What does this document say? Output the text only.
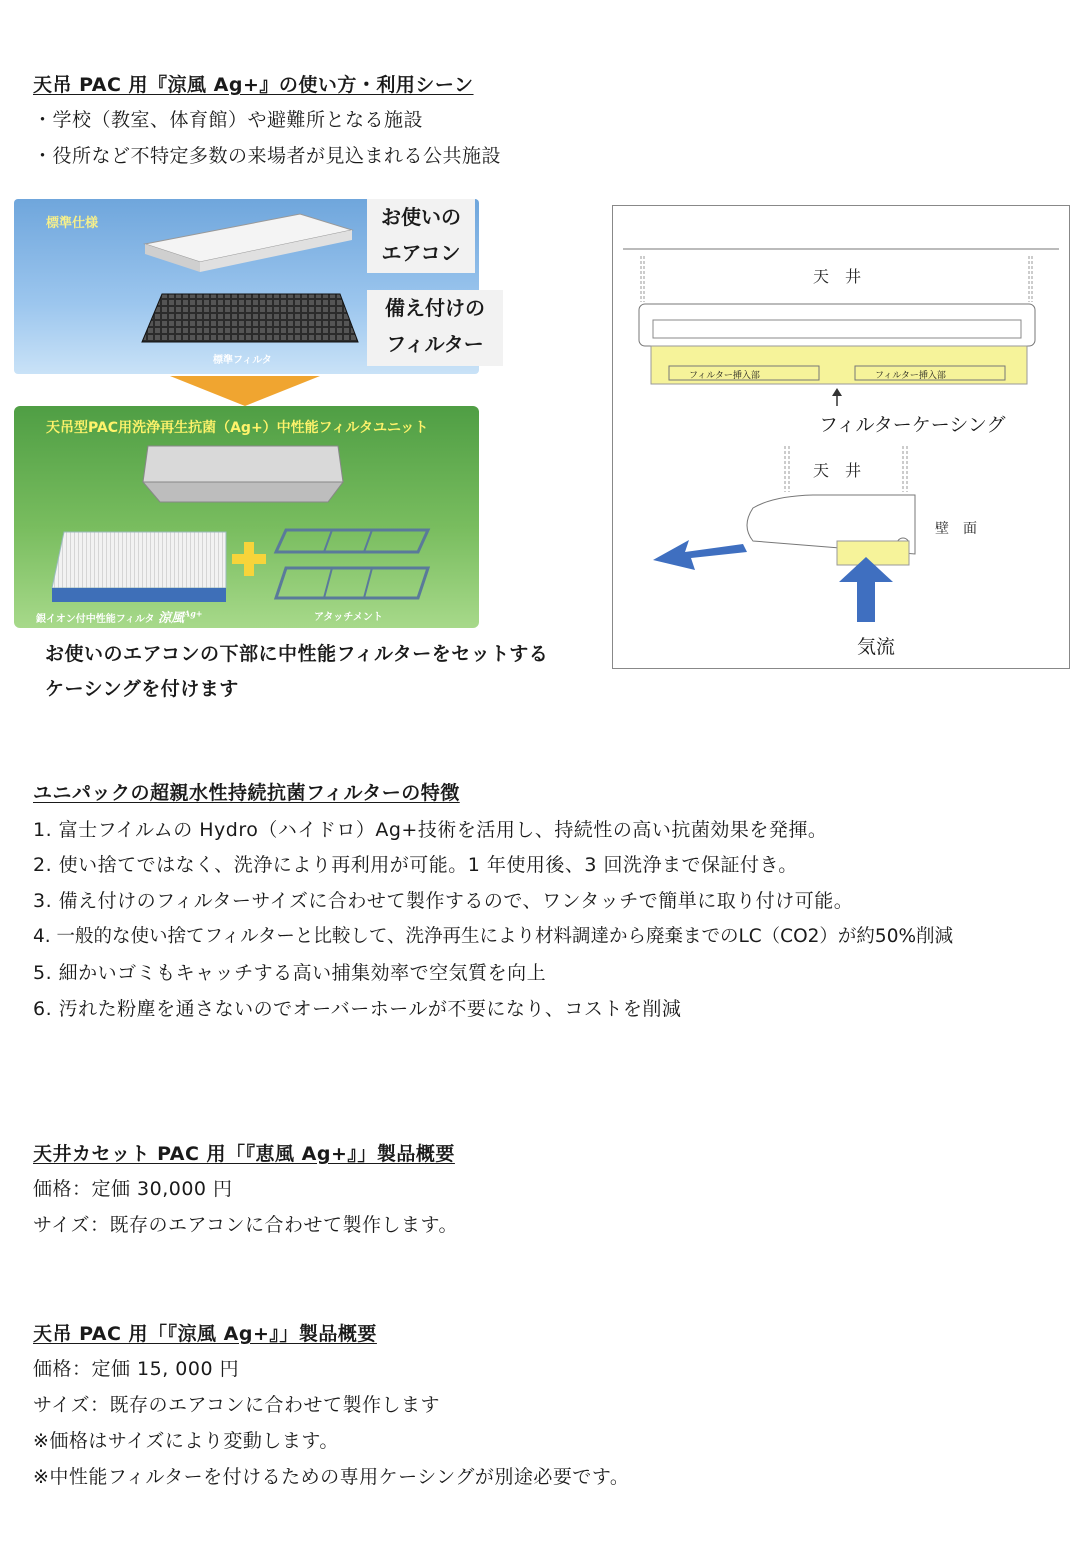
天吊 PAC 用『涼風 Ag+』の使い方・利用シーン
・学校（教室、体育館）や避難所となる施設
・役所など不特定多数の来場者が見込まれる公共施設
標準仕様
標準フィルタ
お使いの
エアコン
備え付けの
フィルター
天吊型PAC用洗浄再生抗菌（Ag+）中性能フィルタユニット
銀イオン付中性能フィルタ 涼風$^{Ag+}$	アタッチメント
お使いのエアコンの下部に中性能フィルターをセットする
ケーシングを付けます
天　井
フィルター挿入部	フィルター挿入部
フィルターケーシング
天　井
壁　面
気流
ユニパックの超親水性持続抗菌フィルターの特徴
1. 富士フイルムの Hydro（ハイドロ）Ag+技術を活用し、持続性の高い抗菌効果を発揮。
2. 使い捨てではなく、洗浄により再利用が可能。1 年使用後、3 回洗浄まで保証付き。
3. 備え付けのフィルターサイズに合わせて製作するので、ワンタッチで簡単に取り付け可能。
4. 一般的な使い捨てフィルターと比較して、洗浄再生により材料調達から廃棄までのLC（CO2）が約50%削減
5. 細かいゴミもキャッチする高い捕集効率で空気質を向上
6. 汚れた粉塵を通さないのでオーバーホールが不要になり、コストを削減
天井カセット PAC 用「『恵風 Ag+』」製品概要
価格：定価 30,000 円
サイズ：既存のエアコンに合わせて製作します。
天吊 PAC 用「『涼風 Ag+』」製品概要
価格：定価 15, 000 円
サイズ：既存のエアコンに合わせて製作します
※価格はサイズにより変動します。
※中性能フィルターを付けるための専用ケーシングが別途必要です。
